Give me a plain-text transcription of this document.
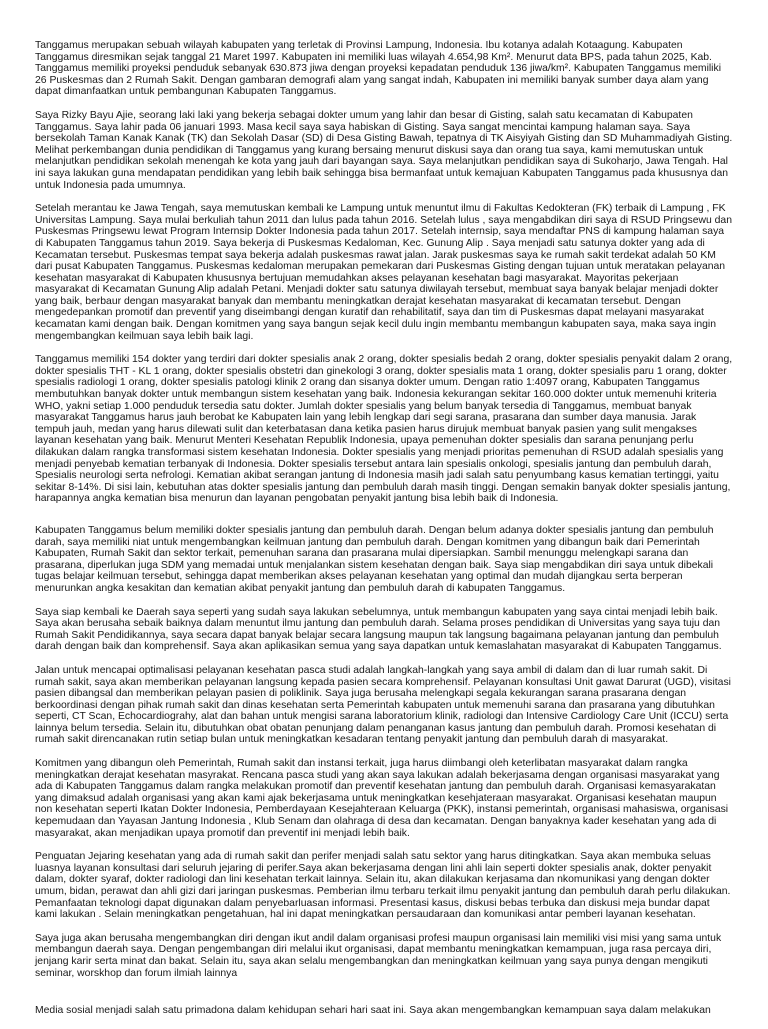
Tanggamus merupakan sebuah wilayah kabupaten yang terletak di Provinsi Lampung, Indonesia. Ibu kotanya adalah Kotaagung. Kabupaten Tanggamus diresmikan sejak tanggal 21 Maret 1997. Kabupaten ini memiliki luas wilayah 4.654,98 Km². Menurut data BPS, pada tahun 2025, Kab. Tanggamus memiliki proyeksi penduduk sebanyak 630.873 jiwa dengan proyeksi kepadatan penduduk 136 jiwa/km². Kabupaten Tanggamus memiliki 26 Puskesmas dan 2 Rumah Sakit. Dengan gambaran demografi alam yang sangat indah, Kabupaten ini memiliki banyak sumber daya alam yang dapat dimanfaatkan untuk pembangunan Kabupaten Tanggamus.

Saya Rizky Bayu Ajie, seorang laki laki yang bekerja sebagai dokter umum yang lahir dan besar di Gisting, salah satu kecamatan di Kabupaten Tanggamus. Saya lahir pada 06 januari 1993. Masa kecil saya saya habiskan di Gisting. Saya sangat mencintai kampung halaman saya. Saya bersekolah Taman Kanak Kanak (TK) dan Sekolah Dasar (SD) di Desa Gisting Bawah, tepatnya di TK Aisyiyah Gisting dan SD Muhammadiyah Gisting. Melihat perkembangan dunia pendidikan di Tanggamus yang kurang bersaing menurut diskusi saya dan orang tua saya, kami memutuskan untuk melanjutkan pendidikan sekolah menengah ke kota yang jauh dari bayangan saya. Saya melanjutkan pendidikan saya di Sukoharjo, Jawa Tengah. Hal ini saya lakukan guna mendapatan pendidikan yang lebih baik sehingga bisa bermanfaat untuk kemajuan Kabupaten Tanggamus pada khususnya dan untuk Indonesia pada umumnya.

Setelah merantau ke Jawa Tengah, saya memutuskan kembali ke Lampung untuk menuntut ilmu di Fakultas Kedokteran (FK) terbaik di Lampung , FK Universitas Lampung. Saya mulai berkuliah tahun 2011 dan lulus pada tahun 2016. Setelah lulus , saya mengabdikan diri saya di RSUD Pringsewu dan Puskesmas Pringsewu lewat Program Internsip Dokter Indonesia pada tahun 2017. Setelah internsip, saya mendaftar PNS di kampung halaman saya di Kabupaten Tanggamus tahun 2019. Saya bekerja di Puskesmas Kedaloman, Kec. Gunung Alip . Saya menjadi satu satunya dokter yang ada di Kecamatan tersebut. Puskesmas tempat saya bekerja adalah puskesmas rawat jalan. Jarak puskesmas saya ke rumah sakit terdekat adalah 50 KM dari pusat Kabupaten Tanggamus. Puskesmas kedaloman merupakan pemekaran dari Puskesmas Gisting dengan tujuan untuk meratakan pelayanan kesehatan masyarakat di Kabupaten khususnya bertujuan memudahkan akses pelayanan kesehatan bagi masyarakat. Mayoritas pekerjaan masyarakat di Kecamatan Gunung Alip adalah Petani. Menjadi dokter satu satunya diwilayah tersebut, membuat saya banyak belajar menjadi dokter yang baik, berbaur dengan masyarakat banyak dan membantu meningkatkan derajat kesehatan masyarakat di kecamatan tersebut. Dengan mengedepankan promotif dan preventif yang diseimbangi dengan kuratif dan rehabilitatif, saya dan tim di Puskesmas dapat melayani masyarakat kecamatan kami dengan baik. Dengan komitmen yang saya bangun sejak kecil dulu ingin membantu membangun kabupaten saya, maka saya ingin mengembangkan keilmuan saya lebih baik lagi.

Tanggamus memiliki 154 dokter yang terdiri dari dokter spesialis anak 2 orang, dokter spesialis bedah 2 orang, dokter spesialis penyakit dalam 2 orang, dokter spesialis THT - KL 1 orang, dokter spesialis obstetri dan ginekologi 3 orang, dokter spesialis mata 1 orang, dokter spesialis paru 1 orang, dokter spesialis radiologi 1 orang, dokter spesialis patologi klinik 2 orang dan sisanya dokter umum. Dengan ratio 1:4097 orang, Kabupaten Tanggamus membutuhkan banyak dokter untuk membangun sistem kesehatan yang baik. Indonesia kekurangan sekitar 160.000 dokter untuk memenuhi kriteria WHO, yakni setiap 1.000 penduduk tersedia satu dokter. Jumlah dokter spesialis yang belum banyak tersedia di Tanggamus, membuat banyak masyarakat Tanggamus harus jauh berobat ke Kabupaten lain yang lebih lengkap dari segi sarana, prasarana dan sumber daya manusia. Jarak tempuh jauh, medan yang harus dilewati sulit dan keterbatasan dana ketika pasien harus dirujuk membuat banyak pasien yang sulit mengakses layanan kesehatan yang baik. Menurut Menteri Kesehatan Republik Indonesia, upaya pemenuhan dokter spesialis dan sarana penunjang perlu dilakukan dalam rangka transformasi sistem kesehatan Indonesia. Dokter spesialis yang menjadi prioritas pemenuhan di RSUD adalah spesialis yang menjadi penyebab kematian terbanyak di Indonesia. Dokter spesialis tersebut antara lain spesialis onkologi, spesialis jantung dan pembuluh darah, Spesialis neurologi serta nefrologi. Kematian akibat serangan jantung di Indonesia masih jadi salah satu penyumbang kasus kematian tertinggi, yaitu sekitar 8-14%. Di sisi lain, kebutuhan atas dokter spesialis jantung dan pembuluh darah masih tinggi. Dengan semakin banyak dokter spesialis jantung, harapannya angka kematian bisa menurun dan layanan pengobatan penyakit jantung bisa lebih baik di Indonesia.

Kabupaten Tanggamus belum memiliki dokter spesialis jantung dan pembuluh darah. Dengan belum adanya dokter spesialis jantung dan pembuluh darah, saya memiliki niat untuk mengembangkan keilmuan jantung dan pembuluh darah. Dengan komitmen yang dibangun baik dari Pemerintah Kabupaten, Rumah Sakit dan sektor terkait, pemenuhan sarana dan prasarana mulai dipersiapkan. Sambil menunggu melengkapi sarana dan prasarana, diperlukan juga SDM yang memadai untuk menjalankan sistem kesehatan dengan baik. Saya siap mengabdikan diri saya untuk dibekali tugas belajar keilmuan tersebut, sehingga dapat memberikan akses pelayanan kesehatan yang optimal dan mudah dijangkau serta berperan menurunkan angka kesakitan dan kematian akibat penyakit jantung dan pembuluh darah di kabupaten Tanggamus.

Saya siap kembali ke Daerah saya seperti yang sudah saya lakukan sebelumnya, untuk membangun kabupaten yang saya cintai menjadi lebih baik. Saya akan berusaha sebaik baiknya dalam menuntut ilmu jantung dan pembuluh darah. Selama proses pendidikan di Universitas yang saya tuju dan Rumah Sakit Pendidikannya, saya secara dapat banyak belajar secara langsung maupun tak langsung bagaimana pelayanan jantung dan pembuluh darah dengan baik dan komprehensif. Saya akan aplikasikan semua yang saya dapatkan untuk kemaslahatan masyarakat di Kabupaten Tanggamus.

Jalan untuk mencapai optimalisasi pelayanan kesehatan pasca studi adalah langkah-langkah yang saya ambil di dalam dan di luar rumah sakit. Di rumah sakit, saya akan memberikan pelayanan langsung kepada pasien secara komprehensif. Pelayanan konsultasi Unit gawat Darurat (UGD), visitasi pasien dibangsal dan memberikan pelayan pasien di poliklinik. Saya juga berusaha melengkapi segala kekurangan sarana prasarana dengan berkoordinasi dengan pihak rumah sakit dan dinas kesehatan serta Pemerintah kabupaten untuk memenuhi sarana dan prasarana yang dibutuhkan seperti, CT Scan, Echocardiograhy, alat dan bahan untuk mengisi sarana laboratorium klinik, radiologi dan Intensive Cardiology Care Unit (ICCU) serta lainnya belum tersedia. Selain itu, dibutuhkan obat obatan penunjang dalam penanganan kasus jantung dan pembuluh darah. Promosi kesehatan di rumah sakit direncanakan rutin setiap bulan untuk meningkatkan kesadaran tentang penyakit jantung dan pembuluh darah di masyarakat.

Komitmen yang dibangun oleh Pemerintah, Rumah sakit dan instansi terkait, juga harus diimbangi oleh keterlibatan masyarakat dalam rangka meningkatkan derajat kesehatan masyrakat. Rencana pasca studi yang akan saya lakukan adalah bekerjasama dengan organisasi masyarakat yang ada di Kabupaten Tanggamus dalam rangka melakukan promotif dan preventif kesehatan jantung dan pembuluh darah. Organisasi kemasyarakatan yang dimaksud adalah organisasi yang akan kami ajak bekerjasama untuk meningkatkan kesehjateraan masyarakat. Organisasi kesehatan maupun non kesehatan seperti Ikatan Dokter Indonesia, Pemberdayaan Kesejahteraan Keluarga (PKK), instansi pemerintah, organisasi mahasiswa, organisasi kepemudaan dan Yayasan Jantung Indonesia , Klub Senam dan olahraga di desa dan kecamatan. Dengan banyaknya kader kesehatan yang ada di masyarakat, akan menjadikan upaya promotif dan preventif ini menjadi lebih baik.

Penguatan Jejaring kesehatan yang ada di rumah sakit dan perifer menjadi salah satu sektor yang harus ditingkatkan. Saya akan membuka seluas luasnya layanan konsultasi dari seluruh jejaring di perifer.Saya akan bekerjasama dengan lini ahli lain seperti dokter spesialis anak, dokter penyakit dalam, dokter syaraf, dokter radiologi dan lini kesehatan terkait lainnya. Selain itu, akan dilakukan kerjasama dan nkomunikasi yang dengan dokter umum, bidan, perawat dan ahli gizi dari jaringan puskesmas. Pemberian ilmu terbaru terkait ilmu penyakit jantung dan pembuluh darah perlu dilakukan. Pemanfaatan teknologi dapat digunakan dalam penyebarluasan informasi. Presentasi kasus, diskusi bebas terbuka dan diskusi meja bundar dapat kami lakukan . Selain meningkatkan pengetahuan, hal ini dapat meningkatkan persaudaraan dan komunikasi antar pemberi layanan kesehatan.

Saya juga akan berusaha mengembangkan diri dengan ikut andil dalam organisasi profesi maupun organisasi lain memiliki visi misi yang sama untuk membangun daerah saya. Dengan pengembangan diri melalui ikut organisasi, dapat membantu meningkatkan kemampuan, juga rasa percaya diri, jenjang karir serta minat dan bakat. Selain itu, saya akan selalu mengembangkan dan meningkatkan keilmuan yang saya punya dengan mengikuti seminar, worskhop dan forum ilmiah lainnya

Media sosial menjadi salah satu primadona dalam kehidupan sehari hari saat ini. Saya akan mengembangkan kemampuan saya dalam melakukan
